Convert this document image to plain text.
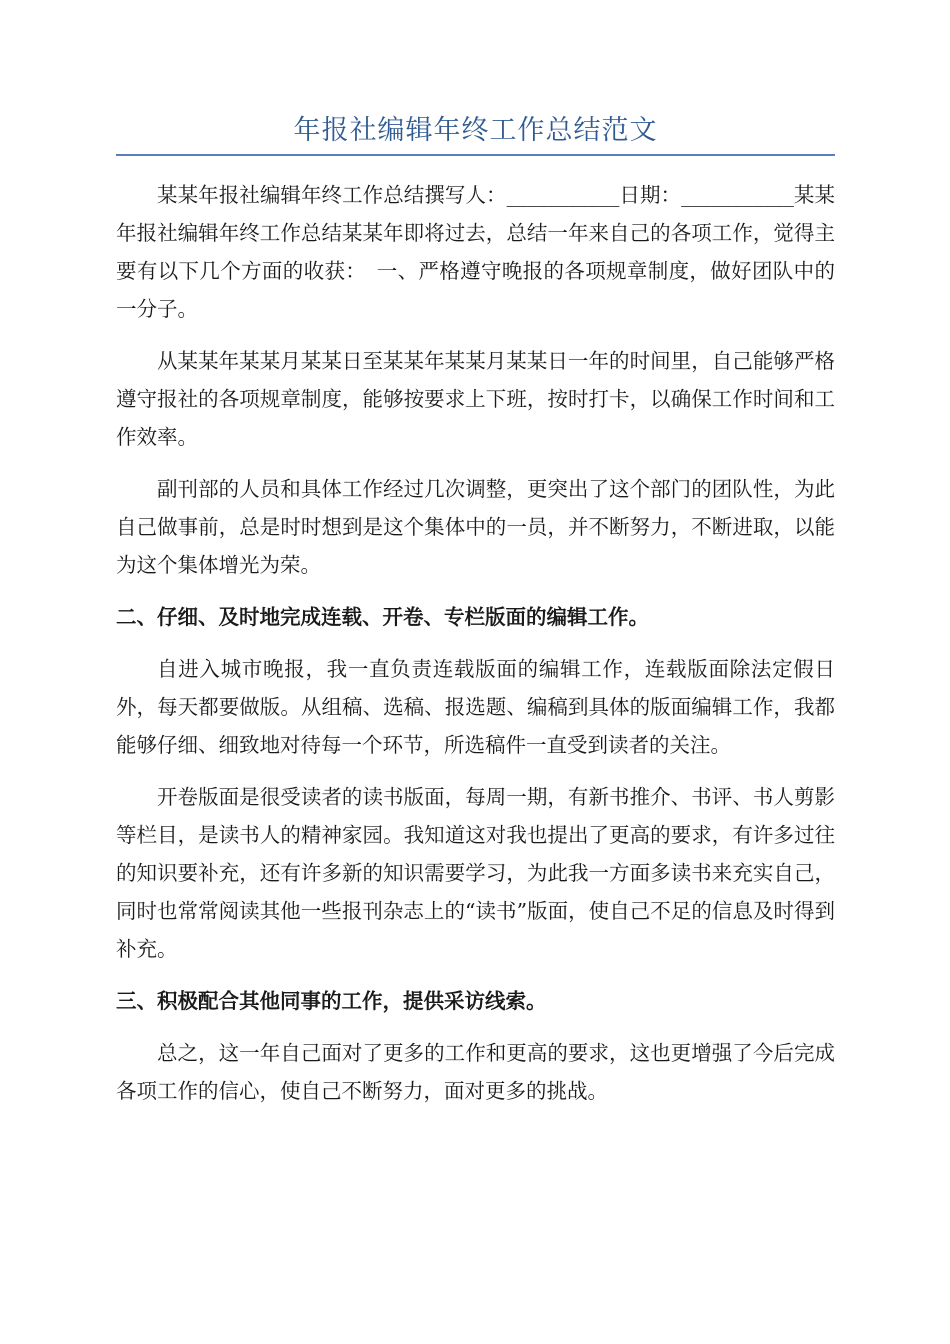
年报社编辑年终工作总结范文

某某年报社编辑年终工作总结撰写人：___________日期：___________某某年报社编辑年终工作总结某某年即将过去，总结一年来自己的各项工作，觉得主要有以下几个方面的收获：　一、严格遵守晚报的各项规章制度，做好团队中的一分子。

从某某年某某月某某日至某某年某某月某某日一年的时间里，自己能够严格遵守报社的各项规章制度，能够按要求上下班，按时打卡，以确保工作时间和工作效率。

副刊部的人员和具体工作经过几次调整，更突出了这个部门的团队性，为此自己做事前，总是时时想到是这个集体中的一员，并不断努力，不断进取，以能为这个集体增光为荣。

二、仔细、及时地完成连载、开卷、专栏版面的编辑工作。

自进入城市晚报，我一直负责连载版面的编辑工作，连载版面除法定假日外，每天都要做版。从组稿、选稿、报选题、编稿到具体的版面编辑工作，我都能够仔细、细致地对待每一个环节，所选稿件一直受到读者的关注。

开卷版面是很受读者的读书版面，每周一期，有新书推介、书评、书人剪影等栏目，是读书人的精神家园。我知道这对我也提出了更高的要求，有许多过往的知识要补充，还有许多新的知识需要学习，为此我一方面多读书来充实自己，同时也常常阅读其他一些报刊杂志上的“读书”版面，使自己不足的信息及时得到补充。

三、积极配合其他同事的工作，提供采访线索。

总之，这一年自己面对了更多的工作和更高的要求，这也更增强了今后完成各项工作的信心，使自己不断努力，面对更多的挑战。
